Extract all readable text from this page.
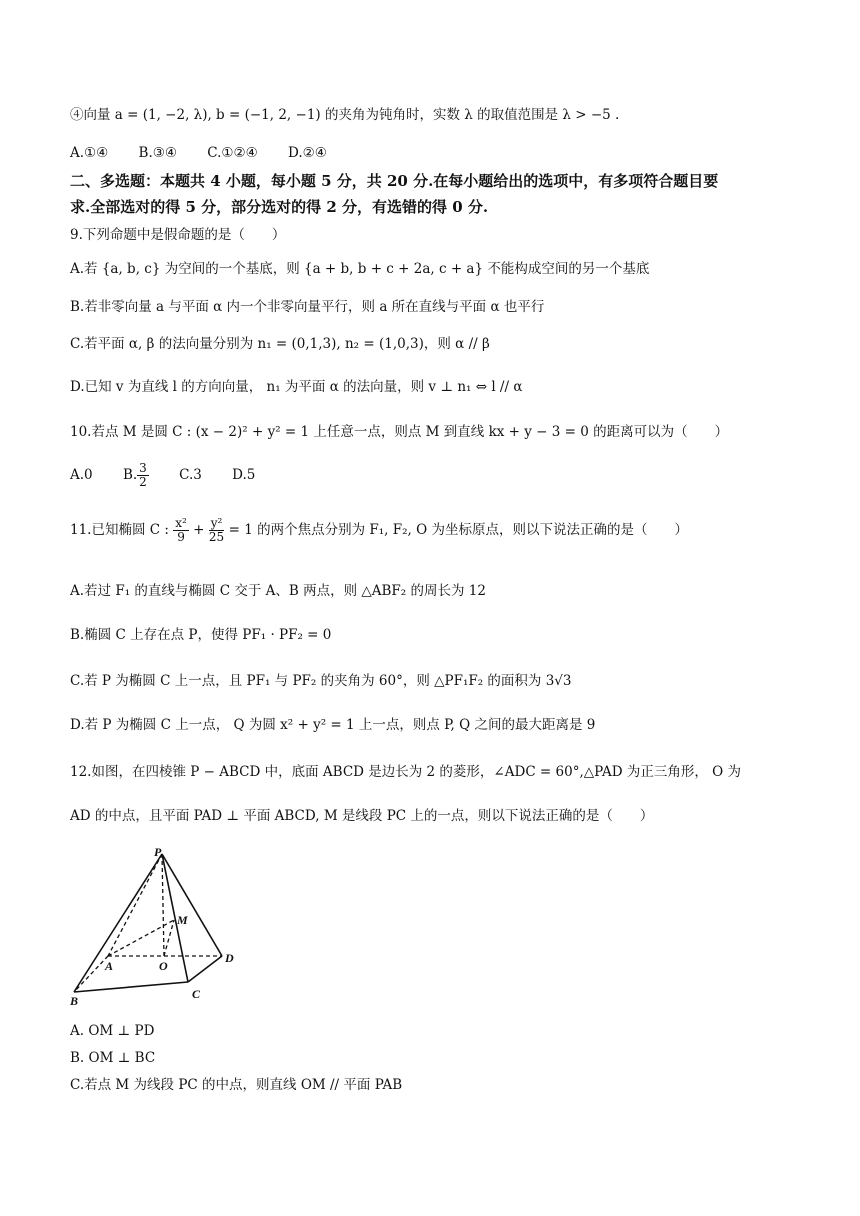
④向量 a = (1, −2, λ), b = (−1, 2, −1) 的夹角为钝角时，实数 λ 的取值范围是 λ > −5 .
A.①④ B.③④ C.①②④ D.②④
二、多选题：本题共 4 小题，每小题 5 分，共 20 分.在每小题给出的选项中，有多项符合题目要
求.全部选对的得 5 分，部分选对的得 2 分，有选错的得 0 分.
9.下列命题中是假命题的是（　　）
A.若 {a, b, c} 为空间的一个基底，则 {a + b, b + c + 2a, c + a} 不能构成空间的另一个基底
B.若非零向量 a 与平面 α 内一个非零向量平行，则 a 所在直线与平面 α 也平行
C.若平面 α, β 的法向量分别为 n₁ = (0,1,3), n₂ = (1,0,3)，则 α // β
D.已知 v 为直线 l 的方向向量， n₁ 为平面 α 的法向量，则 v ⊥ n₁ ⇔ l // α
10.若点 M 是圆 C : (x − 2)² + y² = 1 上任意一点，则点 M 到直线 kx + y − 3 = 0 的距离可以为（　　）
A.0 B. $\frac{3}{2} C.3$ D.5
11.已知椭圆 C : $\frac{\text{x²}}{9} + \frac{\text{y²}}{25} = 1$ 的两个焦点分别为 F₁, F₂, O 为坐标原点，则以下说法正确的是（　　）
A.若过 F₁ 的直线与椭圆 C 交于 A、B 两点，则 △ABF₂ 的周长为 12
B.椭圆 C 上存在点 P，使得 PF₁ · PF₂ = 0
C.若 P 为椭圆 C 上一点，且 PF₁ 与 PF₂ 的夹角为 60°，则 △PF₁F₂ 的面积为 3√3
D.若 P 为椭圆 C 上一点， Q 为圆 x² + y² = 1 上一点，则点 P, Q 之间的最大距离是 9
12.如图，在四棱锥 P − ABCD 中，底面 ABCD 是边长为 2 的菱形，∠ADC = 60°,△PAD 为正三角形， O 为
AD 的中点，且平面 PAD ⊥ 平面 ABCD, M 是线段 PC 上的一点，则以下说法正确的是（　　）
P
M
A	O
D
B	C
A. OM ⊥ PD
B. OM ⊥ BC
C.若点 M 为线段 PC 的中点，则直线 OM // 平面 PAB
